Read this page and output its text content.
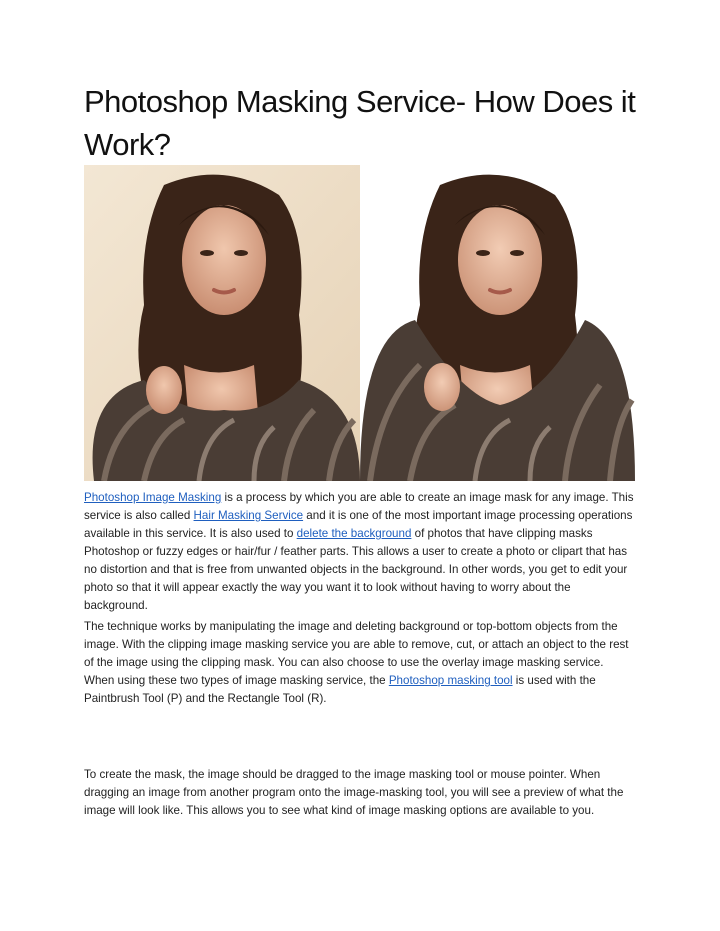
Photoshop Masking Service- How Does it Work?

Photoshop Image Masking is a process by which you are able to create an image mask for any image. This service is also called Hair Masking Service and it is one of the most important image processing operations available in this service. It is also used to delete the background of photos that have clipping masks Photoshop or fuzzy edges or hair/fur / feather parts. This allows a user to create a photo or clipart that has no distortion and that is free from unwanted objects in the background. In other words, you get to edit your photo so that it will appear exactly the way you want it to look without having to worry about the background.

The technique works by manipulating the image and deleting background or top-bottom objects from the image. With the clipping image masking service you are able to remove, cut, or attach an object to the rest of the image using the clipping mask. You can also choose to use the overlay image masking service. When using these two types of image masking service, the Photoshop masking tool is used with the Paintbrush Tool (P) and the Rectangle Tool (R).

To create the mask, the image should be dragged to the image masking tool or mouse pointer. When dragging an image from another program onto the image-masking tool, you will see a preview of what the image will look like. This allows you to see what kind of image masking options are available to you.
